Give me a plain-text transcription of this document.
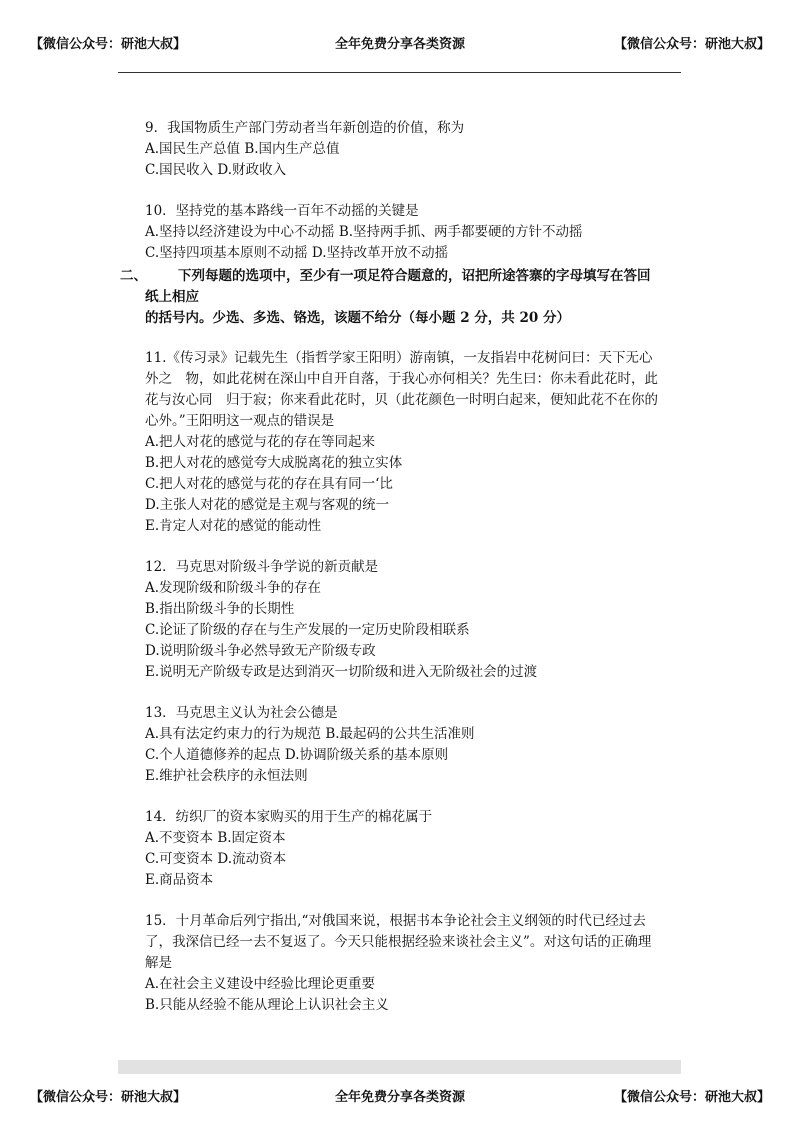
【微信公众号：研池大叔】	全年免费分享各类资源	【微信公众号：研池大叔】

9．我国物质生产部门劳动者当年新创造的价值，称为

A.国民生产总值 B.国内生产总值

C.国民收入 D.财政收入

10．坚持党的基本路线一百年不动摇的关键是

A.坚持以经济建设为中心不动摇 B.坚持两手抓、两手都要硬的方针不动摇

C.坚持四项基本原则不动摇 D.坚持改革开放不动摇

二、 下列每题的选项中，至少有一项足符合题意的，诏把所途答寨的字母填写在答回
纸上相应
的括号内。少选、多选、铬选，该题不给分（每小题 2 分，共 20 分）

11.《传习录》记载先生（指哲学家王阳明）游南镇，一友指岩中花树问曰：天下无心

外之　物，如此花树在深山中自开自落，于我心亦何相关？先生曰：你未看此花时，此

花与汝心同　归于寂；你来看此花时，贝（此花颜色一时明白起来，便知此花不在你的

心外。”王阳明这一观点的错误是

A.把人对花的感觉与花的存在等同起来

B.把人对花的感觉夸大成脱离花的独立实体

C.把人对花的感觉与花的存在具有同一‘比

D.主张人对花的感觉是主观与客观的统一

E.肯定人对花的感觉的能动性

12．马克思对阶级斗争学说的新贡献是

A.发现阶级和阶级斗争的存在

B.指出阶级斗争的长期性

C.论证了阶级的存在与生产发展的一定历史阶段相联系

D.说明阶级斗争必然导致无产阶级专政

E.说明无产阶级专政是达到消灭一切阶级和进入无阶级社会的过渡

13．马克思主义认为社会公德是

A.具有法定约束力的行为规范 B.最起码的公共生活准则

C.个人道德修养的起点 D.协调阶级关系的基本原则

E.维护社会秩序的永恒法则

14．纺织厂的资本家购买的用于生产的棉花属于

A.不变资本 B.固定资本

C.可变资本 D.流动资本

E.商品资本

15．十月革命后列宁指出,“对俄国来说，根据书本争论社会主义纲领的时代已经过去

了，我深信已经一去不复返了。今天只能根据经验来谈社会主义”。对这句话的正确理

解是

A.在社会主义建设中经验比理论更重要

B.只能从经验不能从理论上认识社会主义

【微信公众号：研池大叔】	全年免费分享各类资源	【微信公众号：研池大叔】
